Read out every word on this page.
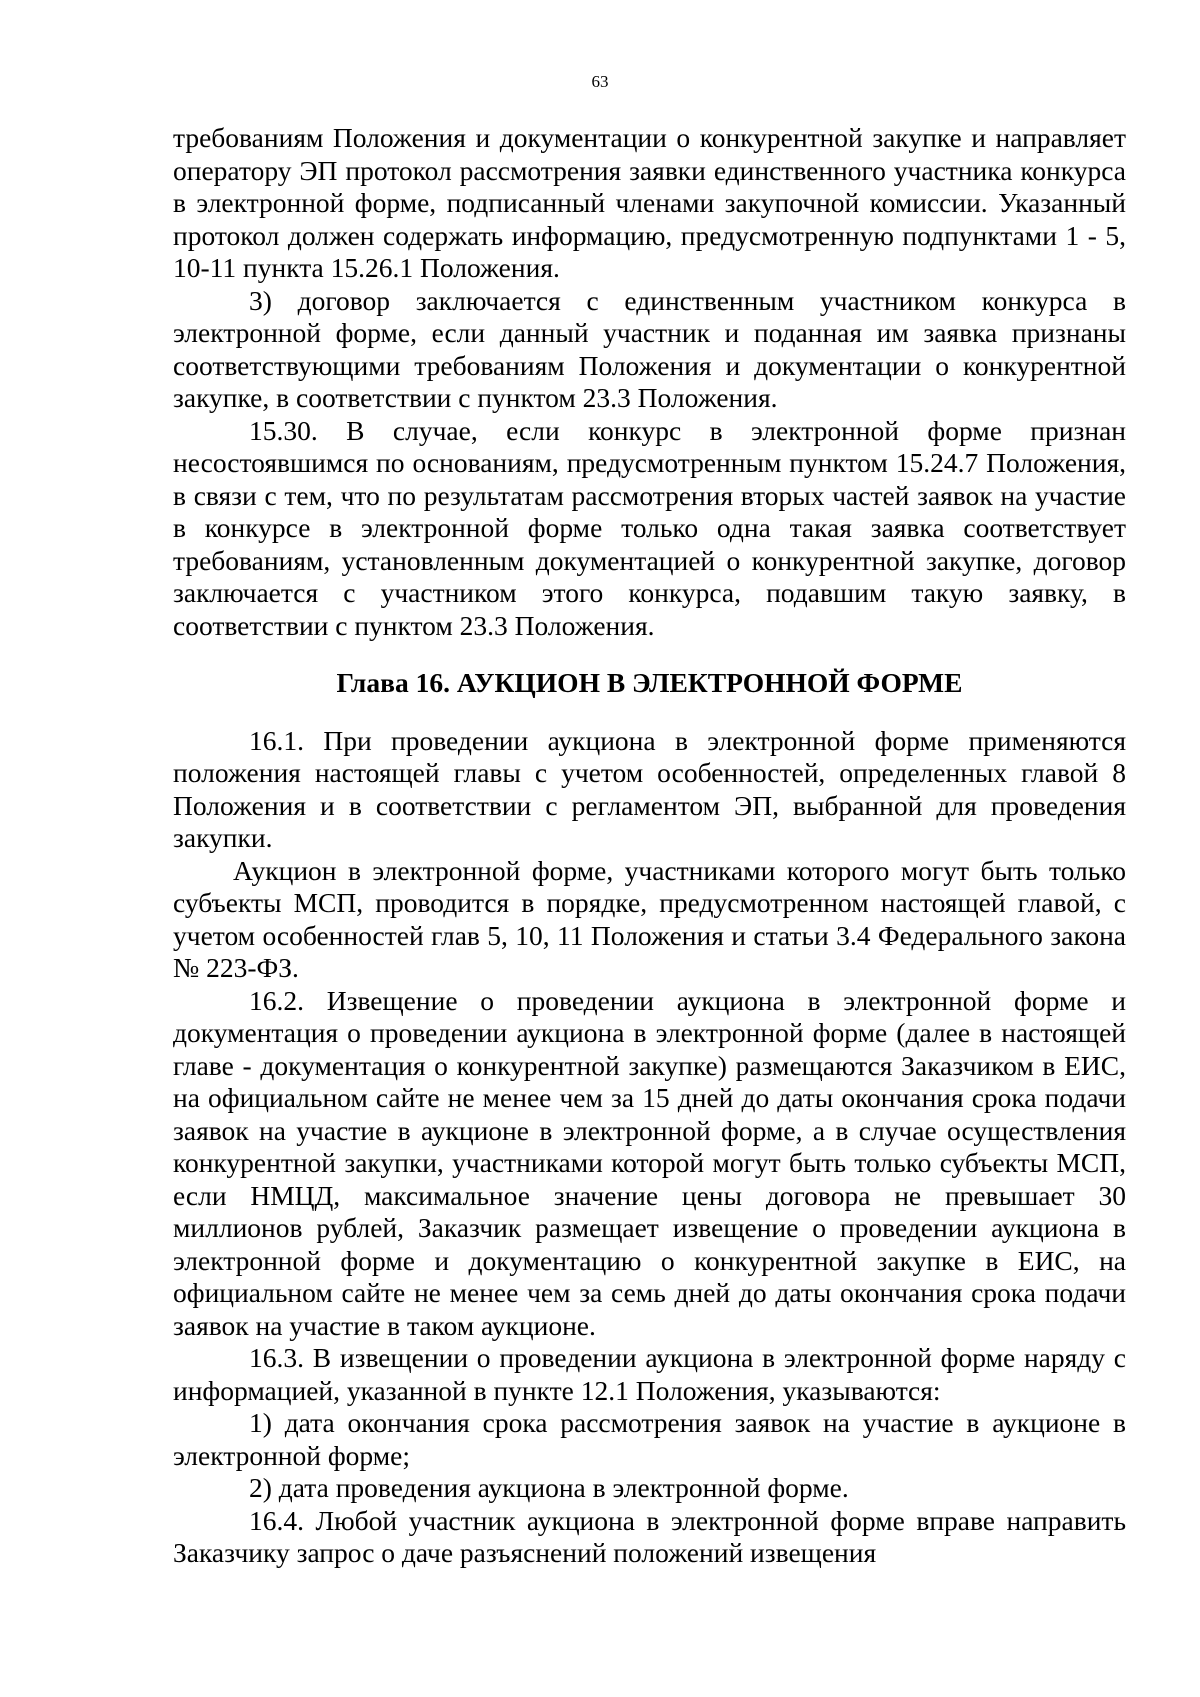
63

требованиям Положения и документации о конкурентной закупке и направляет оператору ЭП протокол рассмотрения заявки единственного участника конкурса в электронной форме, подписанный членами закупочной комиссии. Указанный протокол должен содержать информацию, предусмотренную подпунктами 1 - 5, 10-11 пункта 15.26.1 Положения.

3) договор заключается с единственным участником конкурса в электронной форме, если данный участник и поданная им заявка признаны соответствующими требованиям Положения и документации о конкурентной закупке, в соответствии с пунктом 23.3 Положения.

15.30. В случае, если конкурс в электронной форме признан несостоявшимся по основаниям, предусмотренным пунктом 15.24.7 Положения, в связи с тем, что по результатам рассмотрения вторых частей заявок на участие в конкурсе в электронной форме только одна такая заявка соответствует требованиям, установленным документацией о конкурентной закупке, договор заключается с участником этого конкурса, подавшим такую заявку, в соответствии с пунктом 23.3 Положения.

Глава 16. АУКЦИОН В ЭЛЕКТРОННОЙ ФОРМЕ

16.1. При проведении аукциона в электронной форме применяются положения настоящей главы с учетом особенностей, определенных главой 8 Положения и в соответствии с регламентом ЭП, выбранной для проведения закупки.

Аукцион в электронной форме, участниками которого могут быть только субъекты МСП, проводится в порядке, предусмотренном настоящей главой, с учетом особенностей глав 5, 10, 11 Положения и статьи 3.4 Федерального закона № 223-ФЗ.

16.2. Извещение о проведении аукциона в электронной форме и документация о проведении аукциона в электронной форме (далее в настоящей главе - документация о конкурентной закупке) размещаются Заказчиком в ЕИС, на официальном сайте не менее чем за 15 дней до даты окончания срока подачи заявок на участие в аукционе в электронной форме, а в случае осуществления конкурентной закупки, участниками которой могут быть только субъекты МСП, если НМЦД, максимальное значение цены договора не превышает 30 миллионов рублей, Заказчик размещает извещение о проведении аукциона в электронной форме и документацию о конкурентной закупке в ЕИС, на официальном сайте не менее чем за семь дней до даты окончания срока подачи заявок на участие в таком аукционе.

16.3. В извещении о проведении аукциона в электронной форме наряду с информацией, указанной в пункте 12.1 Положения, указываются:

1) дата окончания срока рассмотрения заявок на участие в аукционе в электронной форме;

2) дата проведения аукциона в электронной форме.

16.4. Любой участник аукциона в электронной форме вправе направить Заказчику запрос о даче разъяснений положений извещения
